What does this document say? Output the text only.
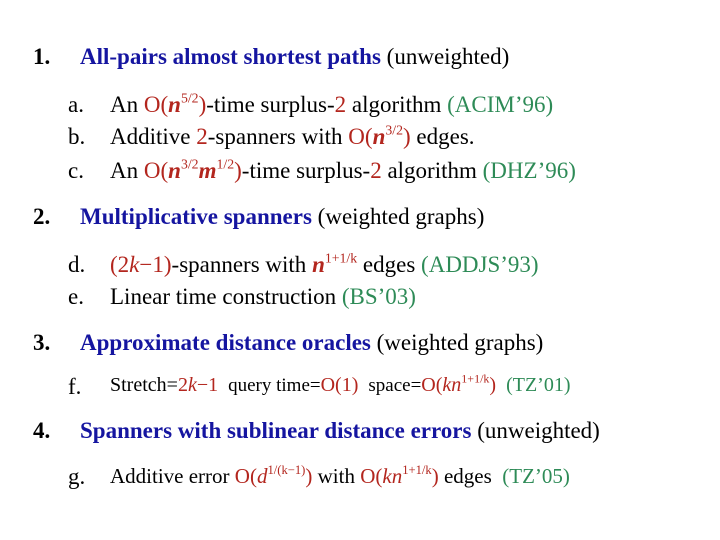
1. All-pairs almost shortest paths (unweighted)
a. An $O(n^{5/2})$-time surplus-2 algorithm (ACIM’96)
b. Additive 2-spanners with $O(n^{3/2})$ edges.
c. An $O(n^{3/2}m^{1/2})$-time surplus-2 algorithm (DHZ’96)
2. Multiplicative spanners (weighted graphs)
d. (2k−1)-spanners with $n^{1+1/k}$ edges (ADDJS’93)
e. Linear time construction (BS’03)
3. Approximate distance oracles (weighted graphs)
f. Stretch=2k−1 query time=O(1) $space=O(kn^{1+1/k})$ (TZ’01)
4. Spanners with sublinear distance errors (unweighted)
g. Additive error $O(d^{1/(k-1)})$ with $O(kn^{1+1/k})$ edges  (TZ’05)
